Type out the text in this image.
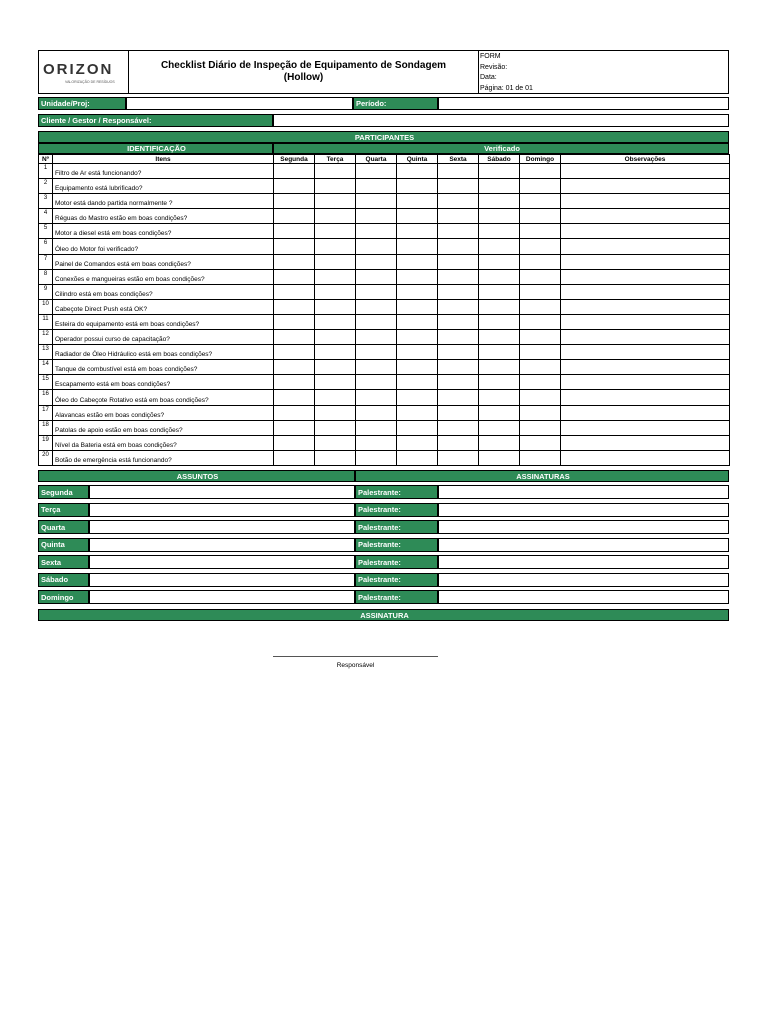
ORIZON
VALORIZAÇÃO DE RESÍDUOS
Checklist Diário de Inspeção de Equipamento de Sondagem
(Hollow)
FORM
Revisão:
Data:
Página: 01 de 01
Unidade/Proj:	Período:
Cliente / Gestor / Responsável:
PARTICIPANTES
IDENTIFICAÇÃO	Verificado
Nº	Itens	Segunda	Terça	Quarta	Quinta	Sexta	Sábado	Domingo	Observações
1	Filtro de Ar está funcionando?								
2	Equipamento está lubrificado?								
3	Motor está dando partida normalmente ?								
4	Réguas do Mastro estão em boas condições?								
5	Motor a diesel está em boas condições?								
6	Óleo do Motor foi verificado?								
7	Painel de Comandos está em boas condições?								
8	Conexões e mangueiras estão em boas condições?								
9	Cilindro está em boas condições?								
10	Cabeçote Direct Push está OK?								
11	Esteira do equipamento está em boas condições?								
12	Operador possui curso de capacitação?								
13	Radiador de Óleo Hidráulico está em boas condições?								
14	Tanque de combustível está em boas condições?								
15	Escapamento está em boas condições?								
16	Óleo do Cabeçote Rotativo está em boas condições?								
17	Alavancas estão em boas condições?								
18	Patolas de apoio estão em boas condições?								
19	Nível da Bateria está em boas condições?								
20	Botão de emergência está funcionando?								
ASSUNTOS	ASSINATURAS
Segunda	Palestrante:
Terça	Palestrante:
Quarta	Palestrante:
Quinta	Palestrante:
Sexta	Palestrante:
Sábado	Palestrante:
Domingo	Palestrante:
ASSINATURA
Responsável
